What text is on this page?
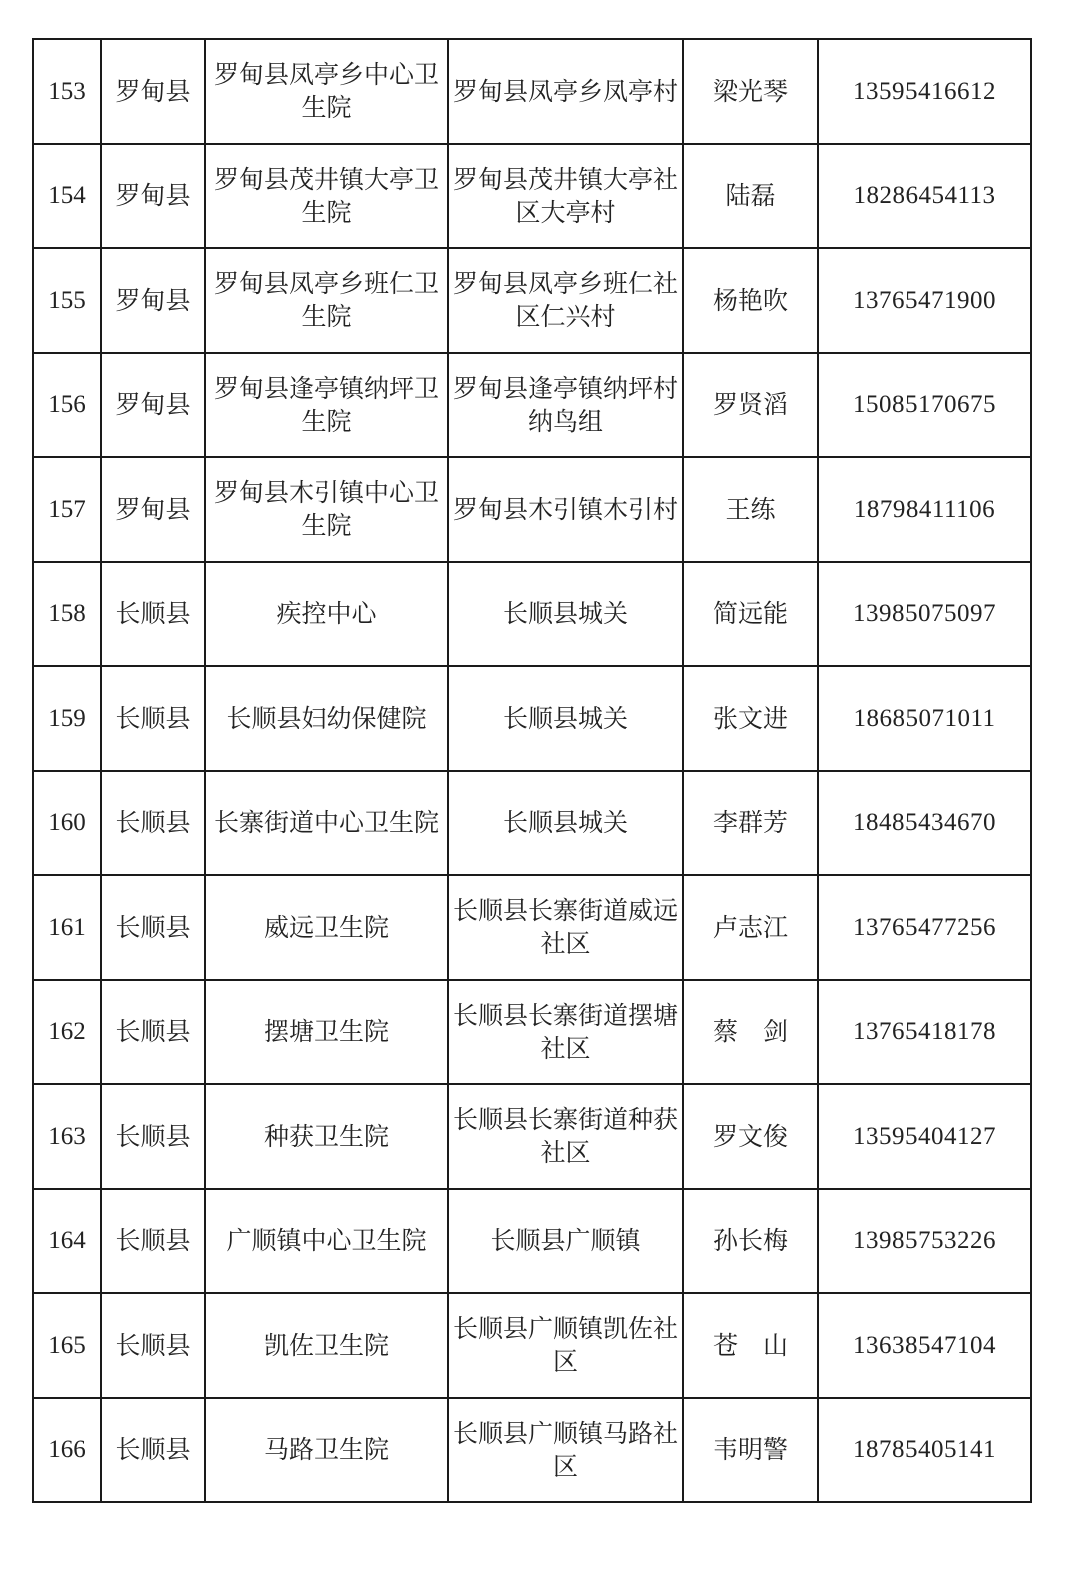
153	罗甸县	罗甸县凤亭乡中心卫生院	罗甸县凤亭乡凤亭村	梁光琴	13595416612
154	罗甸县	罗甸县茂井镇大亭卫生院	罗甸县茂井镇大亭社区大亭村	陆磊	18286454113
155	罗甸县	罗甸县凤亭乡班仁卫生院	罗甸县凤亭乡班仁社区仁兴村	杨艳吹	13765471900
156	罗甸县	罗甸县逢亭镇纳坪卫生院	罗甸县逢亭镇纳坪村纳鸟组	罗贤滔	15085170675
157	罗甸县	罗甸县木引镇中心卫生院	罗甸县木引镇木引村	王练	18798411106
158	长顺县	疾控中心	长顺县城关	简远能	13985075097
159	长顺县	长顺县妇幼保健院	长顺县城关	张文进	18685071011
160	长顺县	长寨街道中心卫生院	长顺县城关	李群芳	18485434670
161	长顺县	威远卫生院	长顺县长寨街道威远社区	卢志江	13765477256
162	长顺县	摆塘卫生院	长顺县长寨街道摆塘社区	蔡　剑	13765418178
163	长顺县	种获卫生院	长顺县长寨街道种获社区	罗文俊	13595404127
164	长顺县	广顺镇中心卫生院	长顺县广顺镇	孙长梅	13985753226
165	长顺县	凯佐卫生院	长顺县广顺镇凯佐社区	苍　山	13638547104
166	长顺县	马路卫生院	长顺县广顺镇马路社区	韦明警	18785405141
